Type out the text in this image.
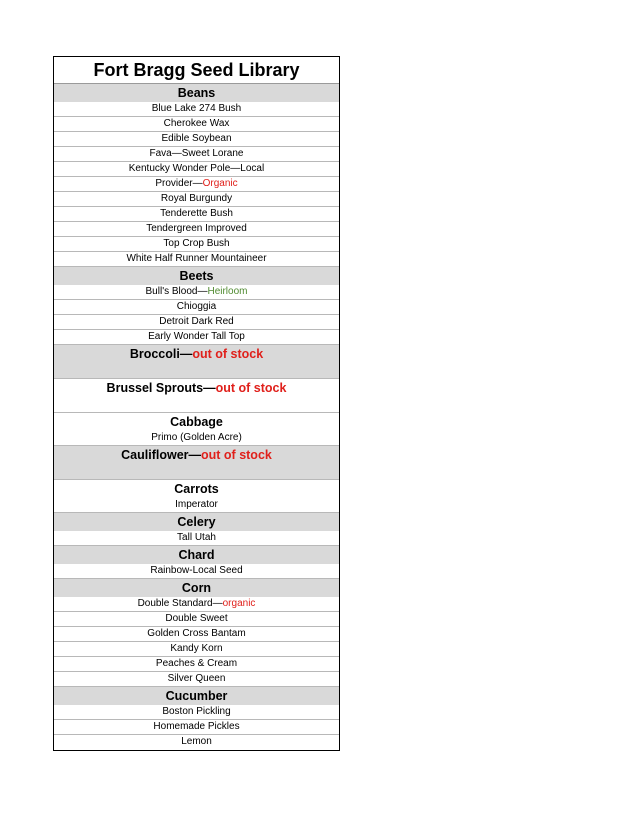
Fort Bragg Seed Library
Beans
Blue Lake 274 Bush
Cherokee Wax
Edible Soybean
Fava—Sweet Lorane
Kentucky Wonder Pole—Local
Provider—Organic
Royal Burgundy
Tenderette Bush
Tendergreen Improved
Top Crop Bush
White Half Runner Mountaineer
Beets
Bull's Blood—Heirloom
Chioggia
Detroit Dark Red
Early Wonder Tall Top
Broccoli—out of stock
Brussel Sprouts—out of stock
Cabbage
Primo (Golden Acre)
Cauliflower—out of stock
Carrots
Imperator
Celery
Tall Utah
Chard
Rainbow-Local Seed
Corn
Double Standard—organic
Double Sweet
Golden Cross Bantam
Kandy Korn
Peaches & Cream
Silver Queen
Cucumber
Boston Pickling
Homemade Pickles
Lemon
